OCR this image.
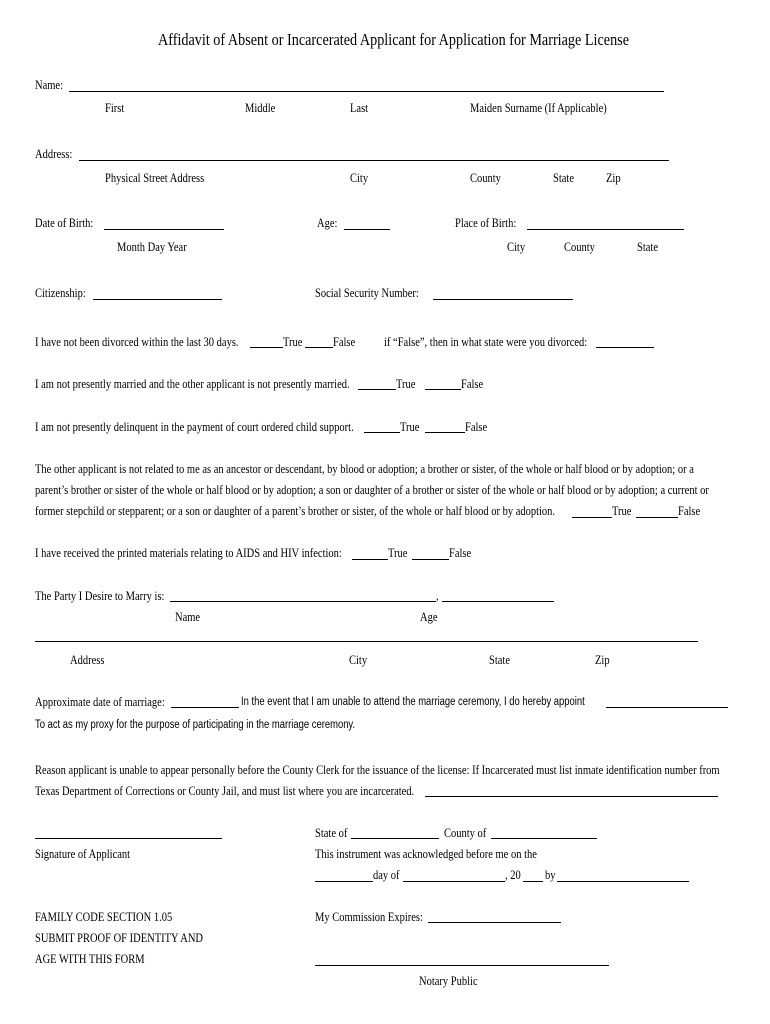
Affidavit of Absent or Incarcerated Applicant for Application for Marriage License
Name:
First	Middle	Last	Maiden Surname (If Applicable)
Address:
Physical Street Address	City	County	State	Zip
Date of Birth:
Month Day Year
Age:	Place of Birth:
City	County	State
Citizenship:	Social Security Number:
I have not been divorced within the last 30 days.	True False if “False”, then in what state were you divorced:
I am not presently married and the other applicant is not presently married.	True	False
I am not presently delinquent in the payment of court ordered child support.	True	False
The other applicant is not related to me as an ancestor or descendant, by blood or adoption; a brother or sister, of the whole or half blood or by adoption; or a
parent’s brother or sister of the whole or half blood or by adoption; a son or daughter of a brother or sister of the whole or half blood or by adoption; a current or
former stepchild or stepparent; or a son or daughter of a parent’s brother or sister, of the whole or half blood or by adoption.	True	False
I have received the printed materials relating to AIDS and HIV infection:	True	False
The Party I Desire to Marry is:	,
Name	Age
Address	City	State	Zip
Approximate date of marriage:	In the event that I am unable to attend the marriage ceremony, I do hereby appoint
To act as my proxy for the purpose of participating in the marriage ceremony.
Reason applicant is unable to appear personally before the County Clerk for the issuance of the license: If Incarcerated must list inmate identification number from
Texas Department of Corrections or County Jail, and must list where you are incarcerated.
Signature of Applicant
FAMILY CODE SECTION 1.05
SUBMIT PROOF OF IDENTITY AND
AGE WITH THIS FORM
State of	County of
This instrument was acknowledged before me on the
day of	, 20 by
My Commission Expires:
Notary Public
